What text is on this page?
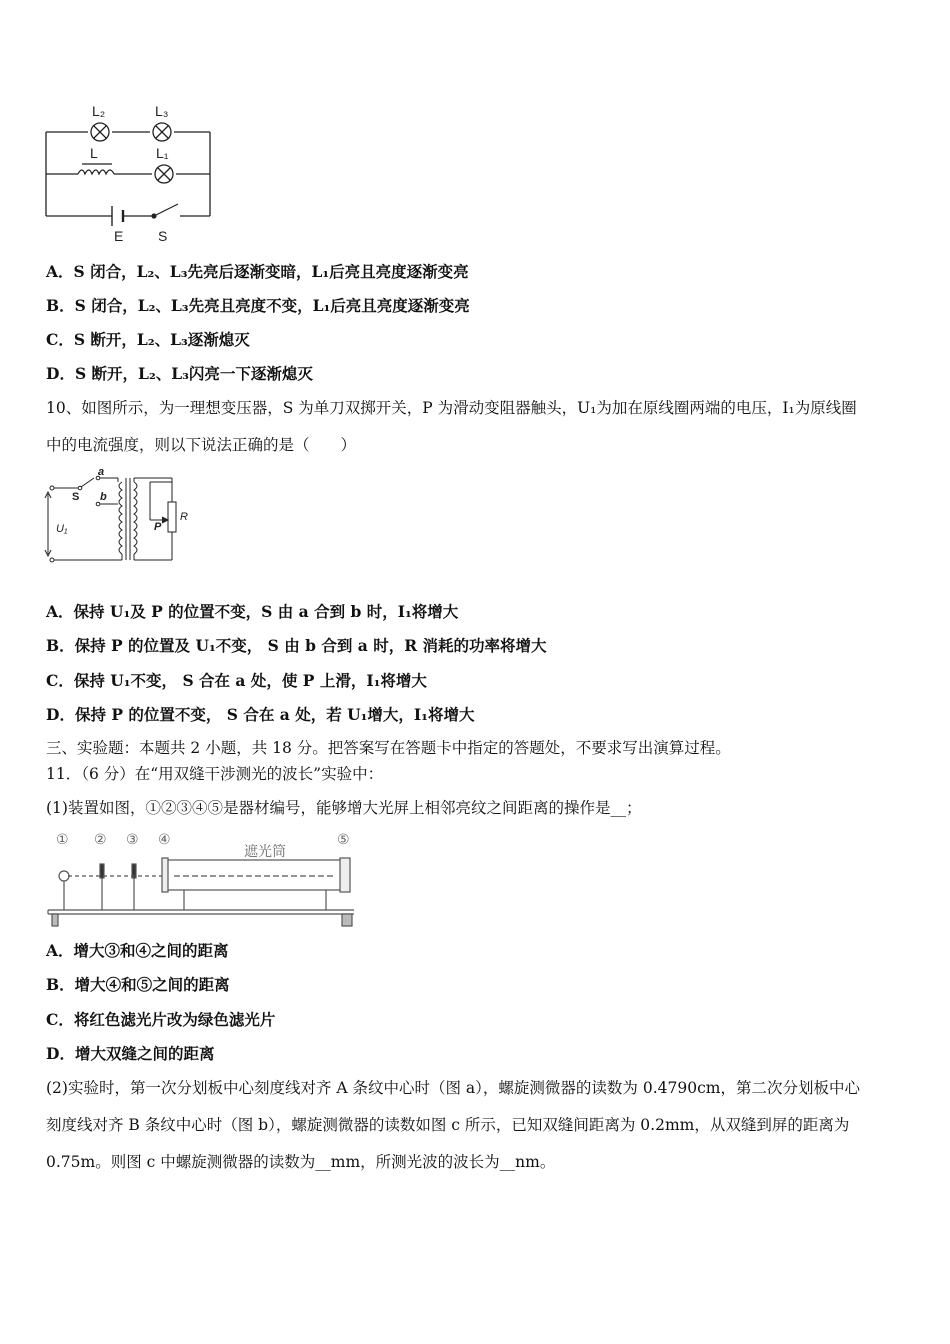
L₂	L₃
L	L₁
E S
A．S 闭合，L₂、L₃先亮后逐渐变暗，L₁后亮且亮度逐渐变亮
B．S 闭合，L₂、L₃先亮且亮度不变，L₁后亮且亮度逐渐变亮
C．S 断开，L₂、L₃逐渐熄灭
D．S 断开，L₂、L₃闪亮一下逐渐熄灭
10、如图所示，为一理想变压器，S 为单刀双掷开关，P 为滑动变阻器触头，U₁为加在原线圈两端的电压，I₁为原线圈
中的电流强度，则以下说法正确的是（　　）
a
S b
U₁	P
R
A．保持 U₁及 P 的位置不变，S 由 a 合到 b 时，I₁将增大
B．保持 P 的位置及 U₁不变， S 由 b 合到 a 时，R 消耗的功率将增大
C．保持 U₁不变， S 合在 a 处，使 P 上滑，I₁将增大
D．保持 P 的位置不变， S 合在 a 处，若 U₁增大，I₁将增大
三、实验题：本题共 2 小题，共 18 分。把答案写在答题卡中指定的答题处，不要求写出演算过程。
11．（6 分）在“用双缝干涉测光的波长”实验中：
(1)装置如图，①②③④⑤是器材编号，能够增大光屏上相邻亮纹之间距离的操作是__；
① ② ③ ④	⑤
遮光筒
A．增大③和④之间的距离
B．增大④和⑤之间的距离
C．将红色滤光片改为绿色滤光片
D．增大双缝之间的距离
(2)实验时，第一次分划板中心刻度线对齐 A 条纹中心时（图 a），螺旋测微器的读数为 0.4790cm，第二次分划板中心
刻度线对齐 B 条纹中心时（图 b），螺旋测微器的读数如图 c 所示，已知双缝间距离为 0.2mm，从双缝到屏的距离为
0.75m。则图 c 中螺旋测微器的读数为__mm，所测光波的波长为__nm。
